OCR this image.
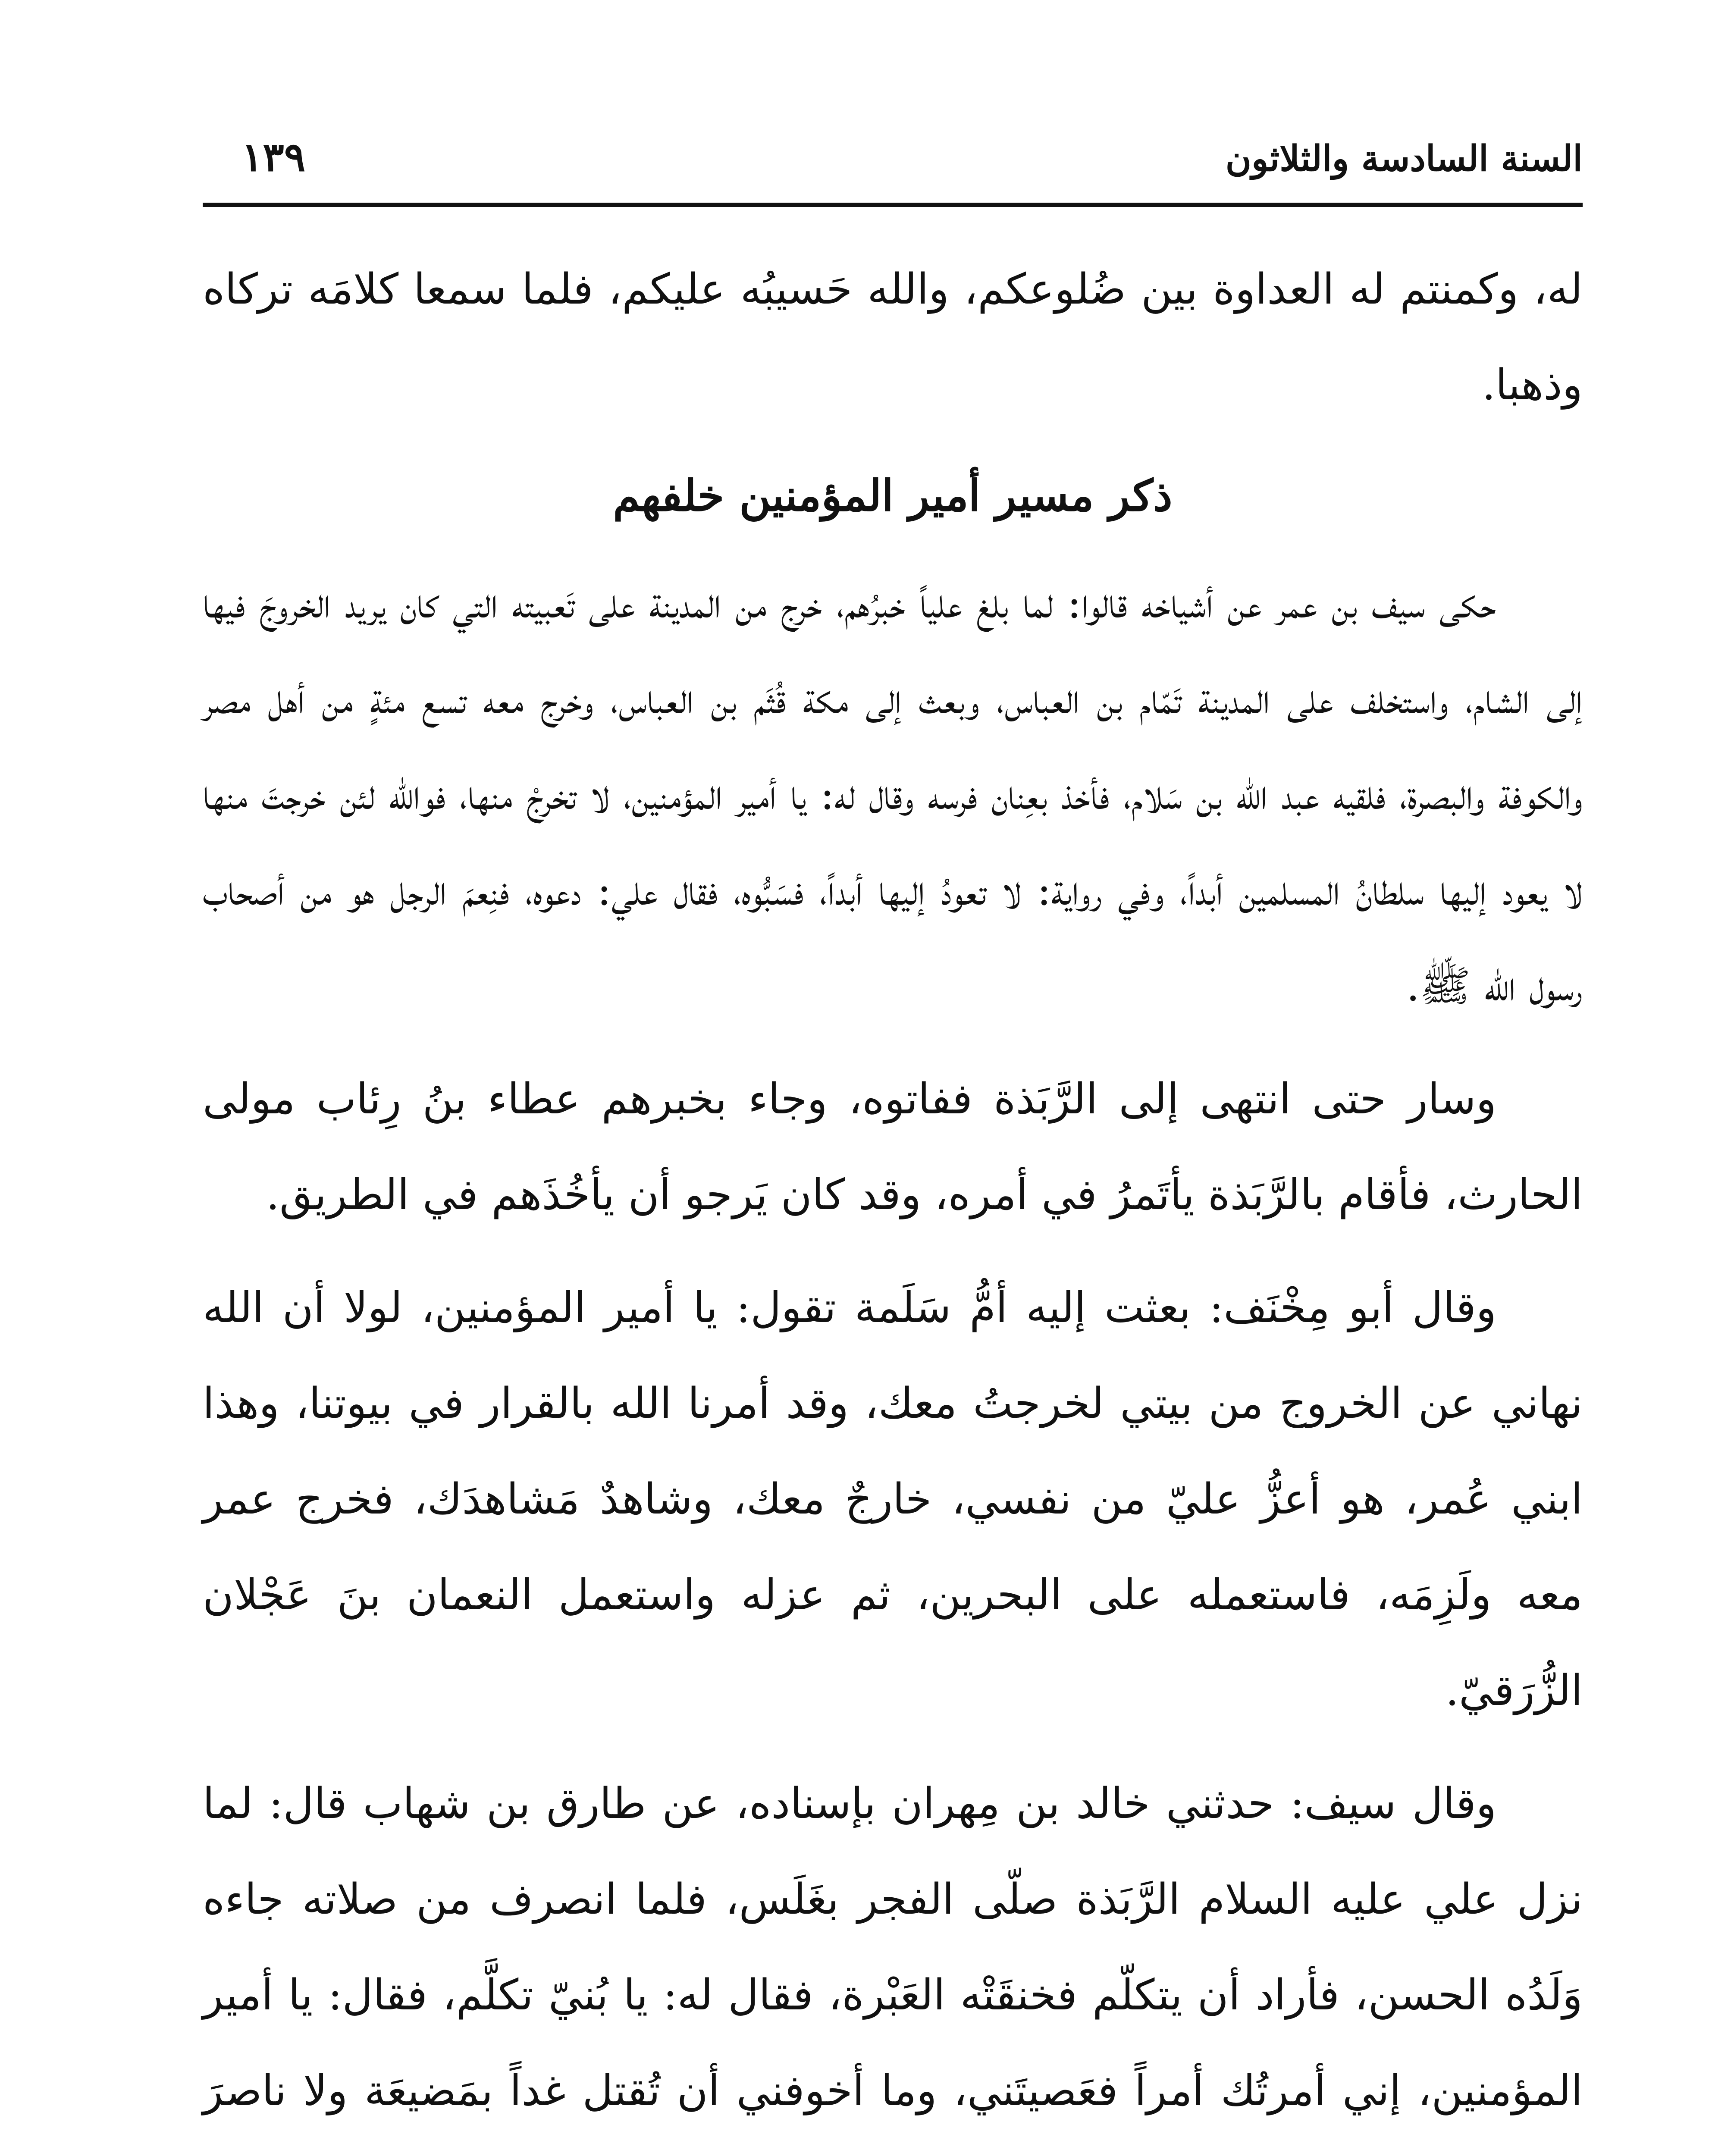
السنة السادسة والثلاثون
١٣٩

له، وكمنتم له العداوة بين ضُلوعكم، والله حَسيبُه عليكم، فلما سمعا كلامَه تركاه وذهبا.

ذكر مسير أمير المؤمنين خلفهم

حكى سيف بن عمر عن أشياخه قالوا: لما بلغ علياً خبرُهم، خرج من المدينة على تَعبيته التي كان يريد الخروجَ فيها إلى الشام، واستخلف على المدينة تَمّام بن العباس، وبعث إلى مكة قُثَم بن العباس، وخرج معه تسع مئةٍ من أهل مصر والكوفة والبصرة، فلقيه عبد الله بن سَلام، فأخذ بعِنان فرسه وقال له: يا أمير المؤمنين، لا تخرجْ منها، فوالله لئن خرجتَ منها لا يعود إليها سلطانُ المسلمين أبداً، وفي رواية: لا تعودُ إليها أبداً، فسَبُّوه، فقال علي: دعوه، فنِعمَ الرجل هو من أصحاب رسول الله ﷺ.

وسار حتى انتهى إلى الرَّبَذة ففاتوه، وجاء بخبرهم عطاء بنُ رِئاب مولى الحارث، فأقام بالرَّبَذة يأتَمرُ في أمره، وقد كان يَرجو أن يأخُذَهم في الطريق.

وقال أبو مِخْنَف: بعثت إليه أمُّ سَلَمة تقول: يا أمير المؤمنين، لولا أن الله نهاني عن الخروج من بيتي لخرجتُ معك، وقد أمرنا الله بالقرار في بيوتنا، وهذا ابني عُمر، هو أعزُّ عليّ من نفسي، خارجٌ معك، وشاهدٌ مَشاهدَك، فخرج عمر معه ولَزِمَه، فاستعمله على البحرين، ثم عزله واستعمل النعمان بنَ عَجْلان الزُّرَقيّ.

وقال سيف: حدثني خالد بن مِهران بإسناده، عن طارق بن شهاب قال: لما نزل علي عليه السلام الرَّبَذة صلّى الفجر بغَلَس، فلما انصرف من صلاته جاءه وَلَدُه الحسن، فأراد أن يتكلّم فخنقَتْه العَبْرة، فقال له: يا بُنيّ تكلَّم، فقال: يا أمير المؤمنين، إني أمرتُك أمراً فعَصيتَني، وما أخوفني أن تُقتل غداً بمَضيعَة ولا ناصرَ
